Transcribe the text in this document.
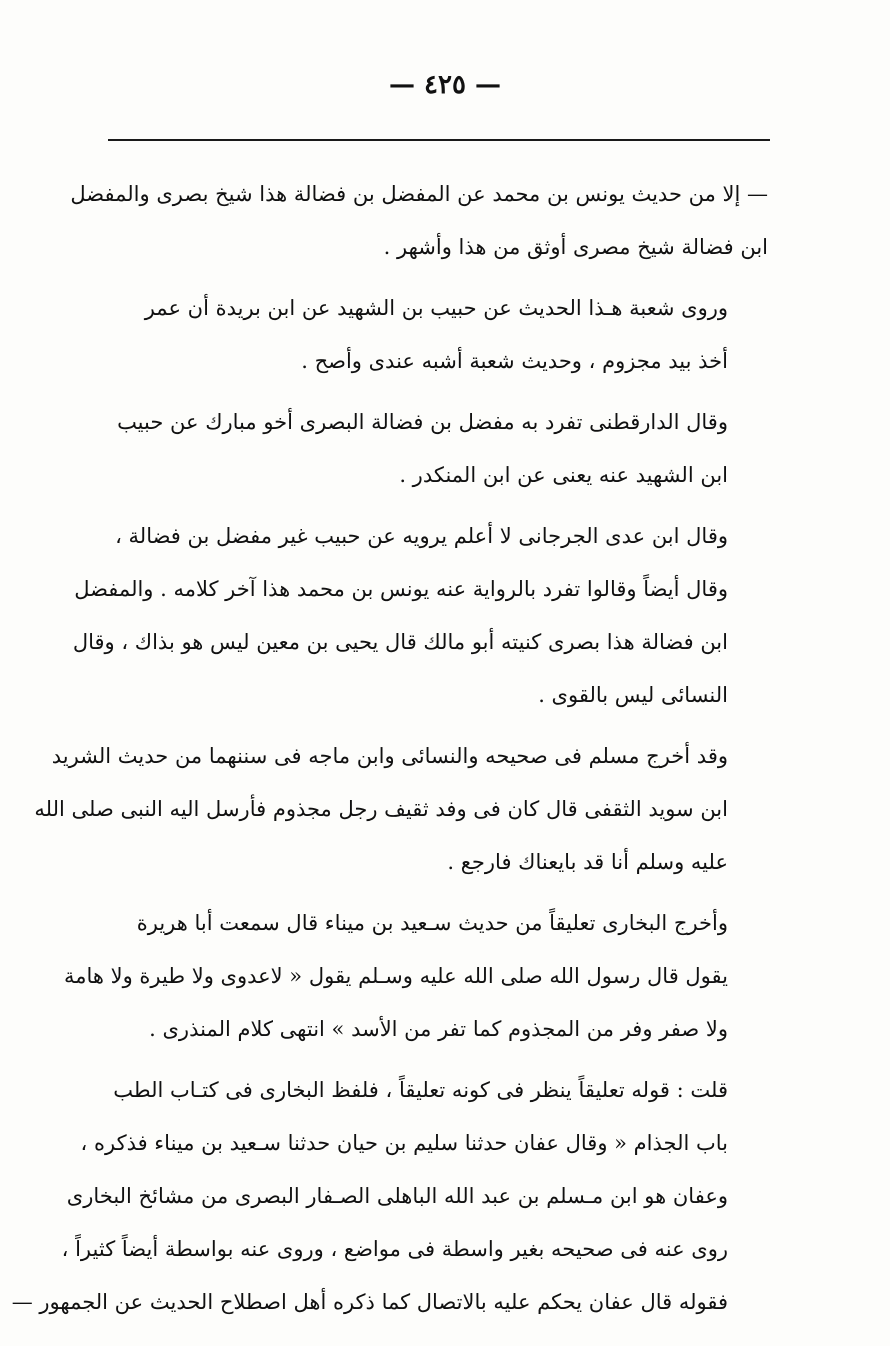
— ٤٢٥ —

— إلا من حديث يونس بن محمد عن المفضل بن فضالة هذا شيخ بصرى والمفضل
ابن فضالة شيخ مصرى أوثق من هذا وأشهر .

وروى شعبة هـذا الحديث عن حبيب بن الشهيد عن ابن بريدة أن عمر
أخذ بيد مجزوم ، وحديث شعبة أشبه عندى وأصح .

وقال الدارقطنى تفرد به مفضل بن فضالة البصرى أخو مبارك عن حبيب
ابن الشهيد عنه يعنى عن ابن المنكدر .

وقال ابن عدى الجرجانى لا أعلم يرويه عن حبيب غير مفضل بن فضالة ،
وقال أيضاً وقالوا تفرد بالرواية عنه يونس بن محمد هذا آخر كلامه . والمفضل
ابن فضالة هذا بصرى كنيته أبو مالك قال يحيى بن معين ليس هو بذاك ، وقال
النسائى ليس بالقوى .

وقد أخرج مسلم فى صحيحه والنسائى وابن ماجه فى سننهما من حديث الشريد
ابن سويد الثقفى قال كان فى وفد ثقيف رجل مجذوم فأرسل اليه النبى صلى الله
عليه وسلم أنا قد بايعناك فارجع .

وأخرج البخارى تعليقاً من حديث سـعيد بن ميناء قال سمعت أبا هريرة
يقول قال رسول الله صلى الله عليه وسـلم يقول « لاعدوى ولا طيرة ولا هامة
ولا صفر وفر من المجذوم كما تفر من الأسد » انتهى كلام المنذرى .

قلت : قوله تعليقاً ينظر فى كونه تعليقاً ، فلفظ البخارى فى كتـاب الطب
باب الجذام « وقال عفان حدثنا سليم بن حيان حدثنا سـعيد بن ميناء فذكره ،
وعفان هو ابن مـسلم بن عبد الله الباهلى الصـفار البصرى من مشائخ البخارى
روى عنه فى صحيحه بغير واسطة فى مواضع ، وروى عنه بواسطة أيضاً كثيراً ،
فقوله قال عفان يحكم عليه بالاتصال كما ذكره أهل اصطلاح الحديث عن الجمهور —
